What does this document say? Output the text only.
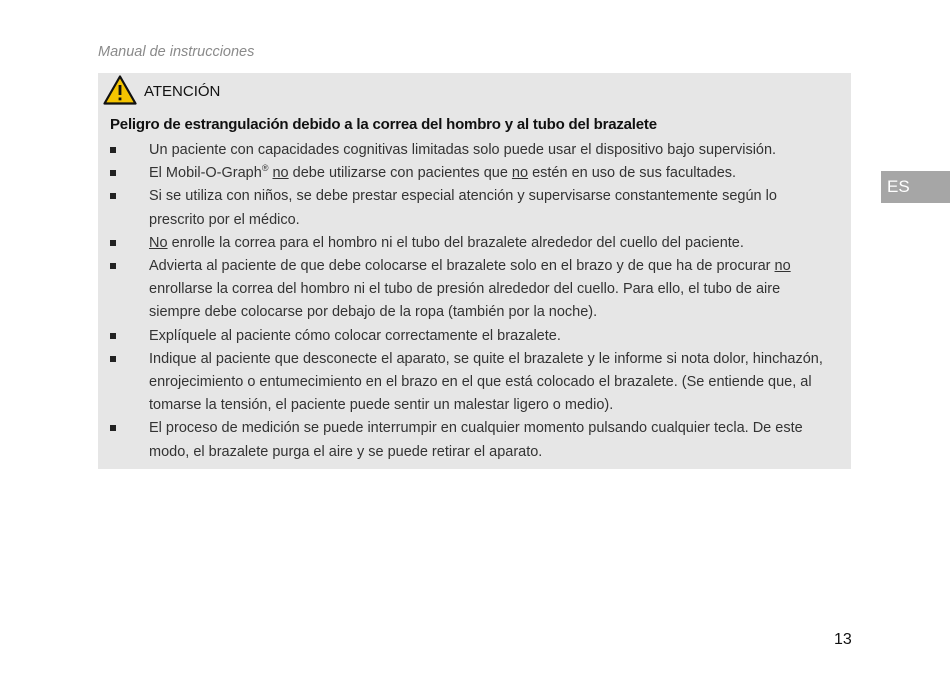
Manual de instrucciones
ES
ATENCIÓN
Peligro de estrangulación debido a la correa del hombro y al tubo del brazalete
Un paciente con capacidades cognitivas limitadas solo puede usar el dispositivo bajo supervisión.
El Mobil-O-Graph® no debe utilizarse con pacientes que no estén en uso de sus facultades.
Si se utiliza con niños, se debe prestar especial atención y supervisarse constantemente según lo prescrito por el médico.
No enrolle la correa para el hombro ni el tubo del brazalete alrededor del cuello del paciente.
Advierta al paciente de que debe colocarse el brazalete solo en el brazo y de que ha de procurar no enrollarse la correa del hombro ni el tubo de presión alrededor del cuello. Para ello, el tubo de aire siempre debe colocarse por debajo de la ropa (también por la noche).
Explíquele al paciente cómo colocar correctamente el brazalete.
Indique al paciente que desconecte el aparato, se quite el brazalete y le informe si nota dolor, hinchazón, enrojecimiento o entumecimiento en el brazo en el que está colocado el brazalete. (Se entiende que, al tomarse la tensión, el paciente puede sentir un malestar ligero o medio).
El proceso de medición se puede interrumpir en cualquier momento pulsando cualquier tecla. De este modo, el brazalete purga el aire y se puede retirar el aparato.
13
